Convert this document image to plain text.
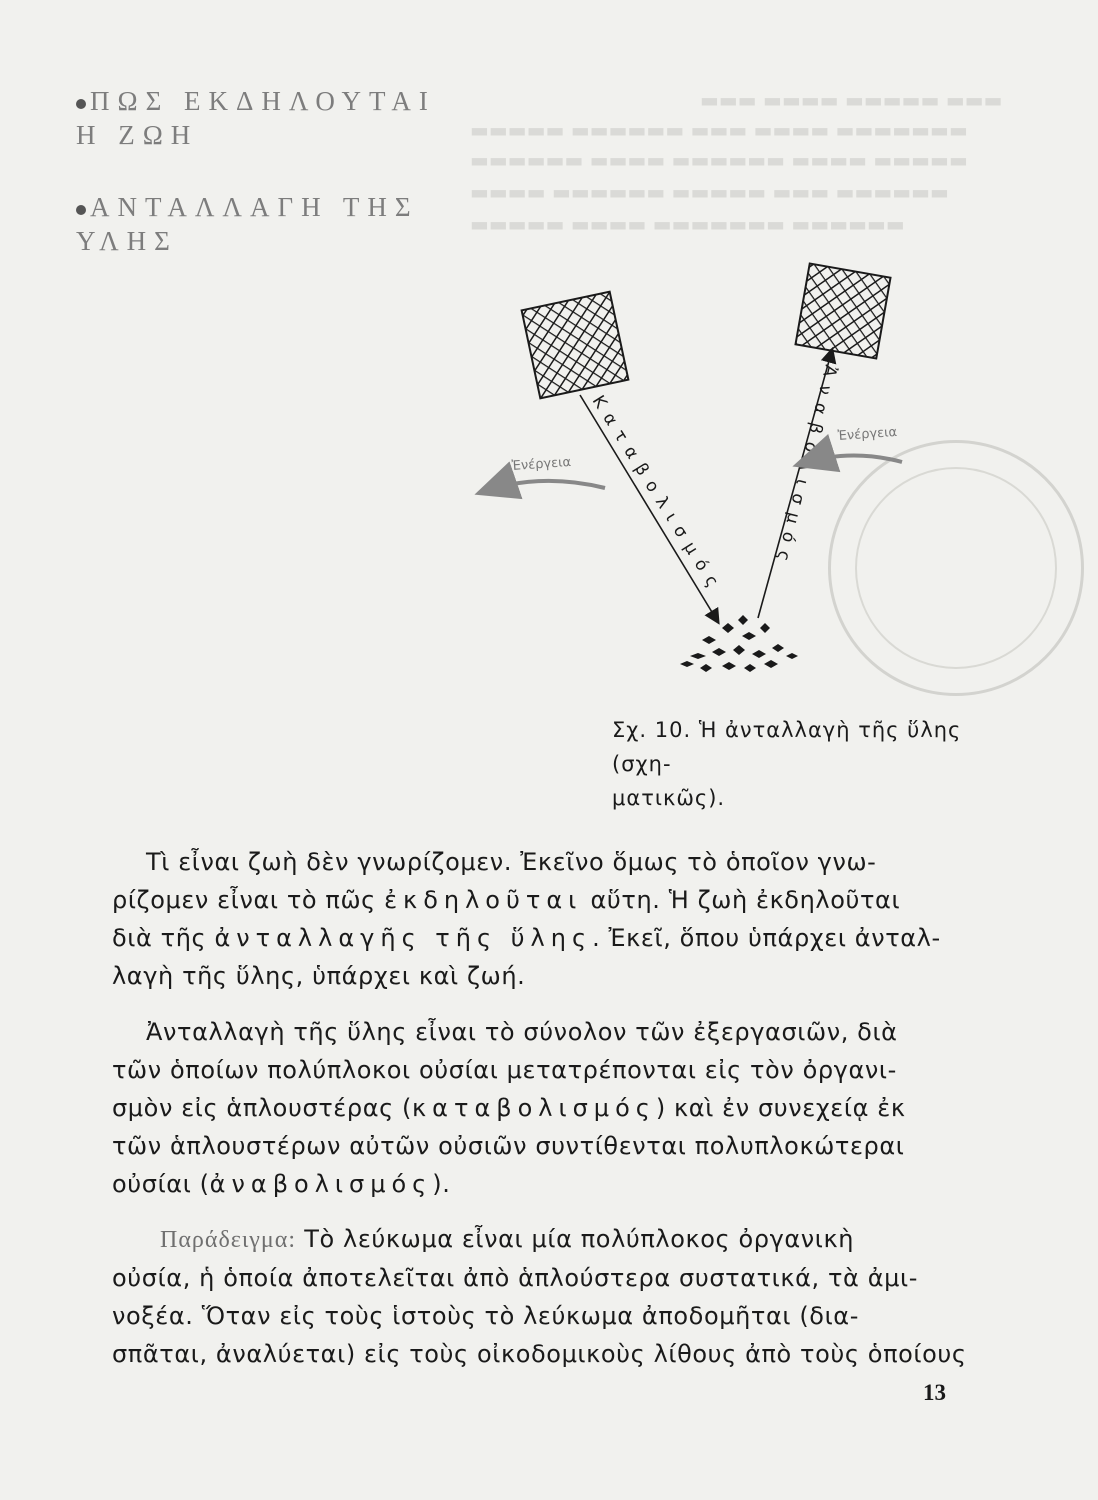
▬▬▬ ▬▬▬▬ ▬▬▬▬▬ ▬▬▬
▬▬▬▬▬ ▬▬▬▬▬▬ ▬▬▬ ▬▬▬▬ ▬▬▬▬▬▬▬
▬▬▬▬▬▬ ▬▬▬▬ ▬▬▬▬▬▬ ▬▬▬▬ ▬▬▬▬▬
▬▬▬▬ ▬▬▬▬▬▬ ▬▬▬▬▬ ▬▬▬ ▬▬▬▬▬▬
▬▬▬▬▬ ▬▬▬▬ ▬▬▬▬▬▬▬ ▬▬▬▬▬▬
ΠΩΣ ΕΚΔΗΛΟΥΤΑΙ
Η ΖΩΗ
ΑΝΤΑΛΛΑΓΗ ΤΗΣ
ΥΛΗΣ
Καταβολισμός	Ἀναβολισμός
Ἐνέργεια
Ἐνέργεια
Σχ. 10. Ἡ ἀνταλλαγὴ τῆς ὕλης (σχη-
ματικῶς).
Τὶ εἶναι ζωὴ δὲν γνωρίζομεν. Ἐκεῖνο ὅμως τὸ ὁποῖον γνω-
ρίζομεν εἶναι τὸ πῶς ἐκδηλοῦται αὕτη. Ἡ ζωὴ ἐκδηλοῦται
διὰ τῆς ἀνταλλαγῆς τῆς ὕλης. Ἐκεῖ, ὅπου ὑπάρχει ἀνταλ-
λαγὴ τῆς ὕλης, ὑπάρχει καὶ ζωή.
Ἀνταλλαγὴ τῆς ὕλης εἶναι τὸ σύνολον τῶν ἐξεργασιῶν, διὰ
τῶν ὁποίων πολύπλοκοι οὐσίαι μετατρέπονται εἰς τὸν ὀργανι-
σμὸν εἰς ἁπλουστέρας (καταβολισμός) καὶ ἐν συνεχείᾳ ἐκ
τῶν ἁπλουστέρων αὐτῶν οὐσιῶν συντίθενται πολυπλοκώτεραι
οὐσίαι (ἀναβολισμός).
Παράδειγμα: Τὸ λεύκωμα εἶναι μία πολύπλοκος ὀργανικὴ
οὐσία, ἡ ὁποία ἀποτελεῖται ἀπὸ ἁπλούστερα συστατικά, τὰ ἀμι-
νοξέα. Ὅταν εἰς τοὺς ἱστοὺς τὸ λεύκωμα ἀποδομῆται (δια-
σπᾶται, ἀναλύεται) εἰς τοὺς οἰκοδομικοὺς λίθους ἀπὸ τοὺς ὁποίους
13
